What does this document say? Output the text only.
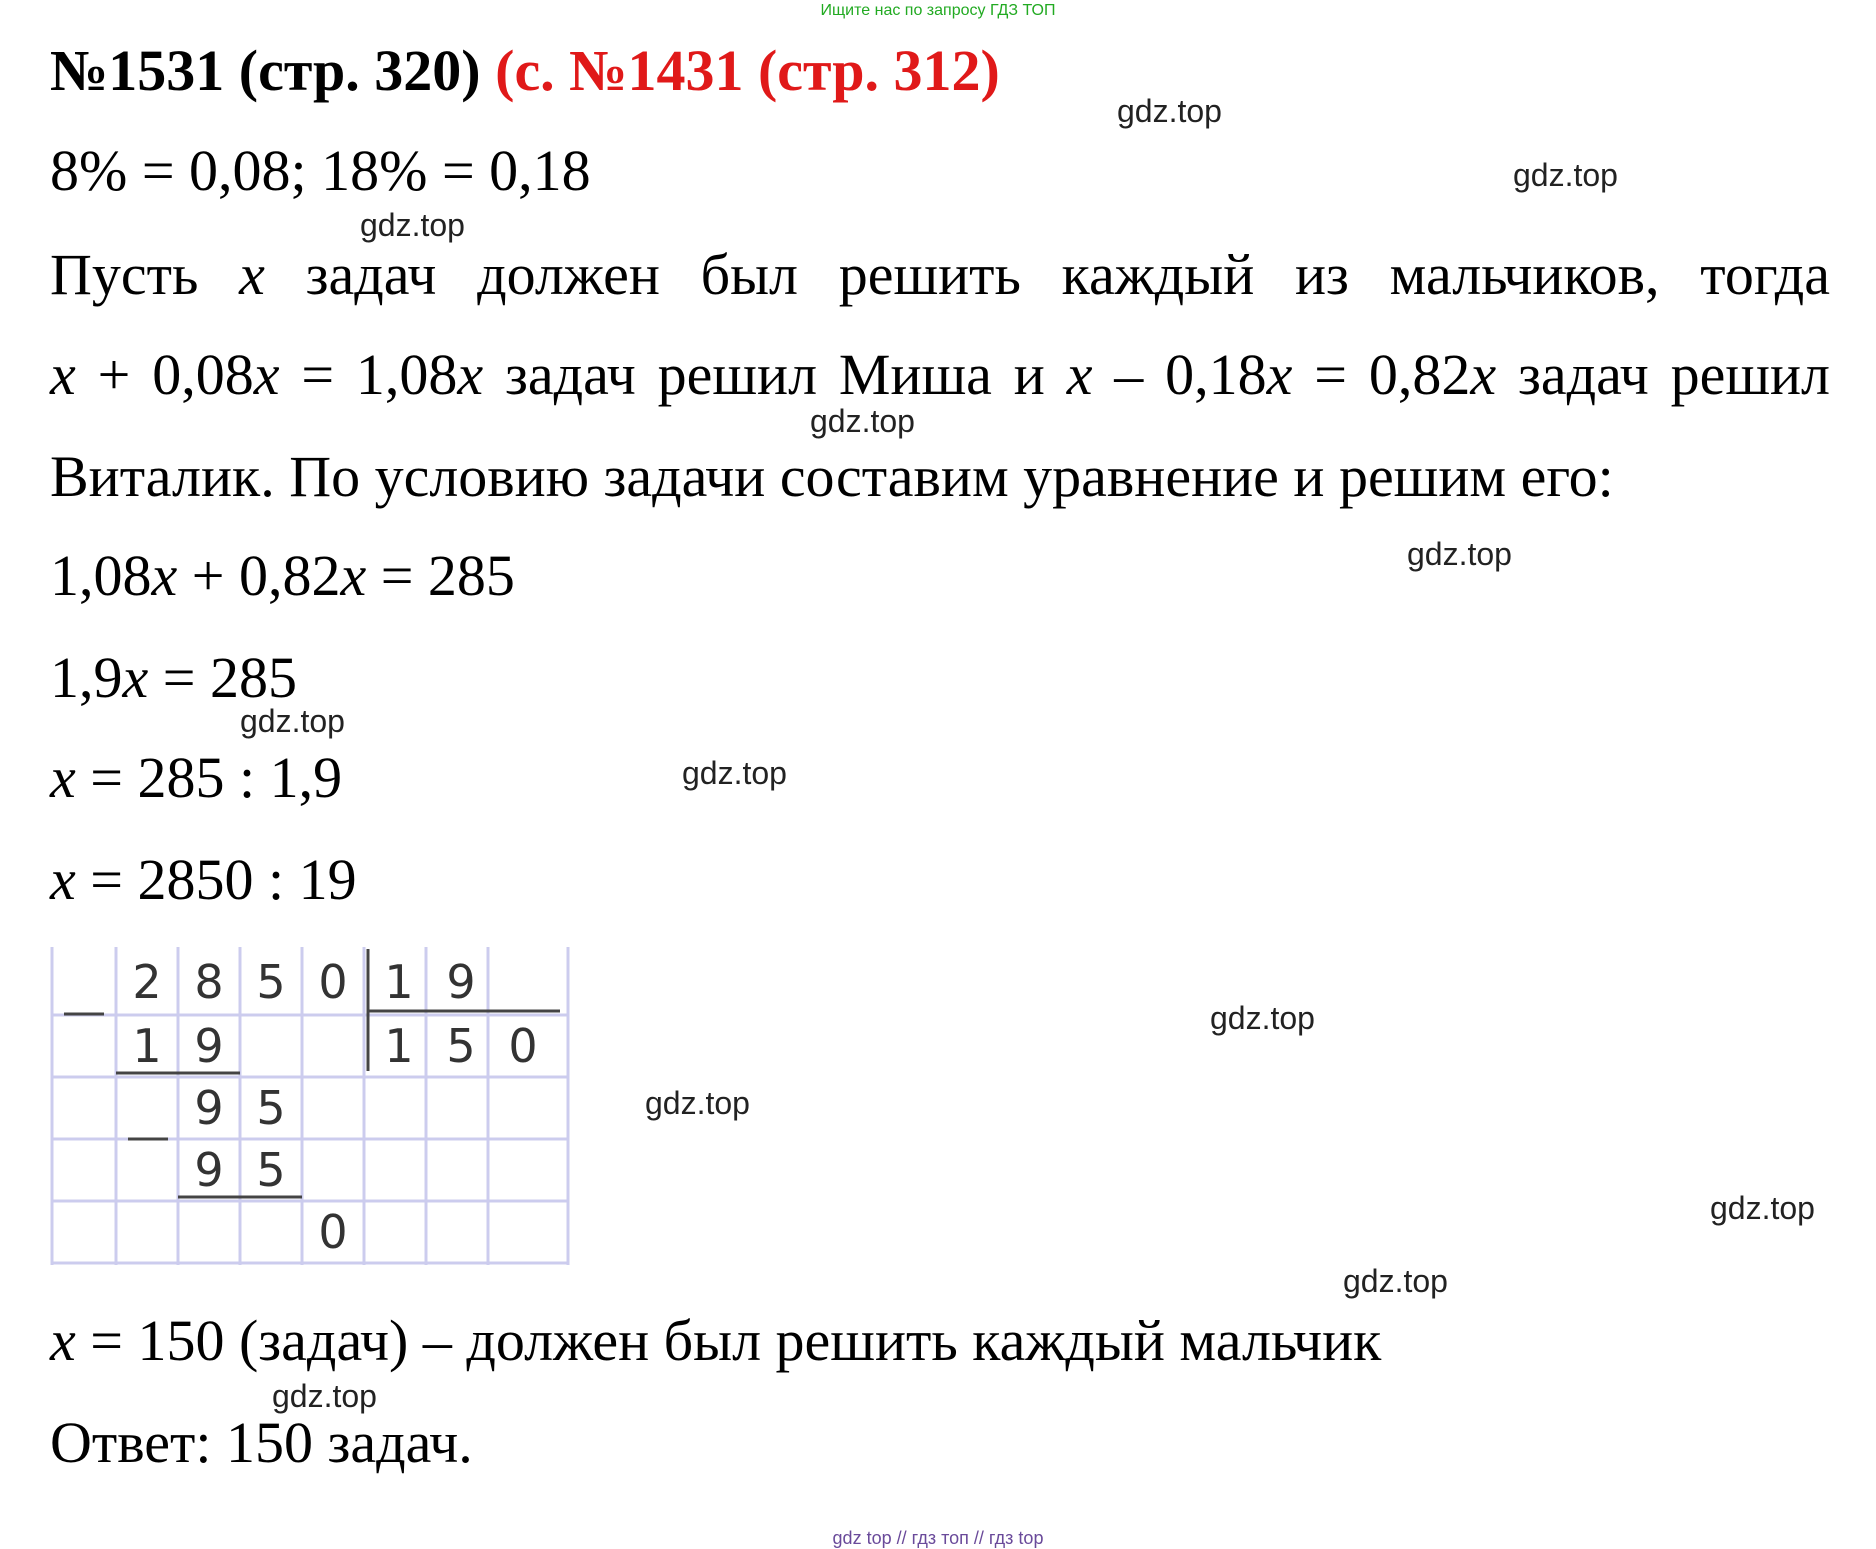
Ищите нас по запросу ГДЗ ТОП
№1531 (стр. 320) (с. №1431 (стр. 312)
8% = 0,08; 18% = 0,18
Пусть x задач должен был решить каждый из мальчиков, тогда
x + 0,08x = 1,08x задач решил Миша и x – 0,18x = 0,82x задач решил
Виталик. По условию задачи составим уравнение и решим его:
1,08x + 0,82x = 285
1,9x = 285
x = 285 : 1,9
x = 2850 : 19
2 8 5 0 1 9
1 9	1 5 0
9 5
9 5
0
x = 150 (задач) – должен был решить каждый мальчик
Ответ: 150 задач.
gdz.top
gdz.top
gdz.top
gdz.top
gdz.top
gdz.top
gdz.top
gdz.top
gdz.top
gdz.top
gdz.top
gdz.top
gdz top // гдз топ // гдз top
